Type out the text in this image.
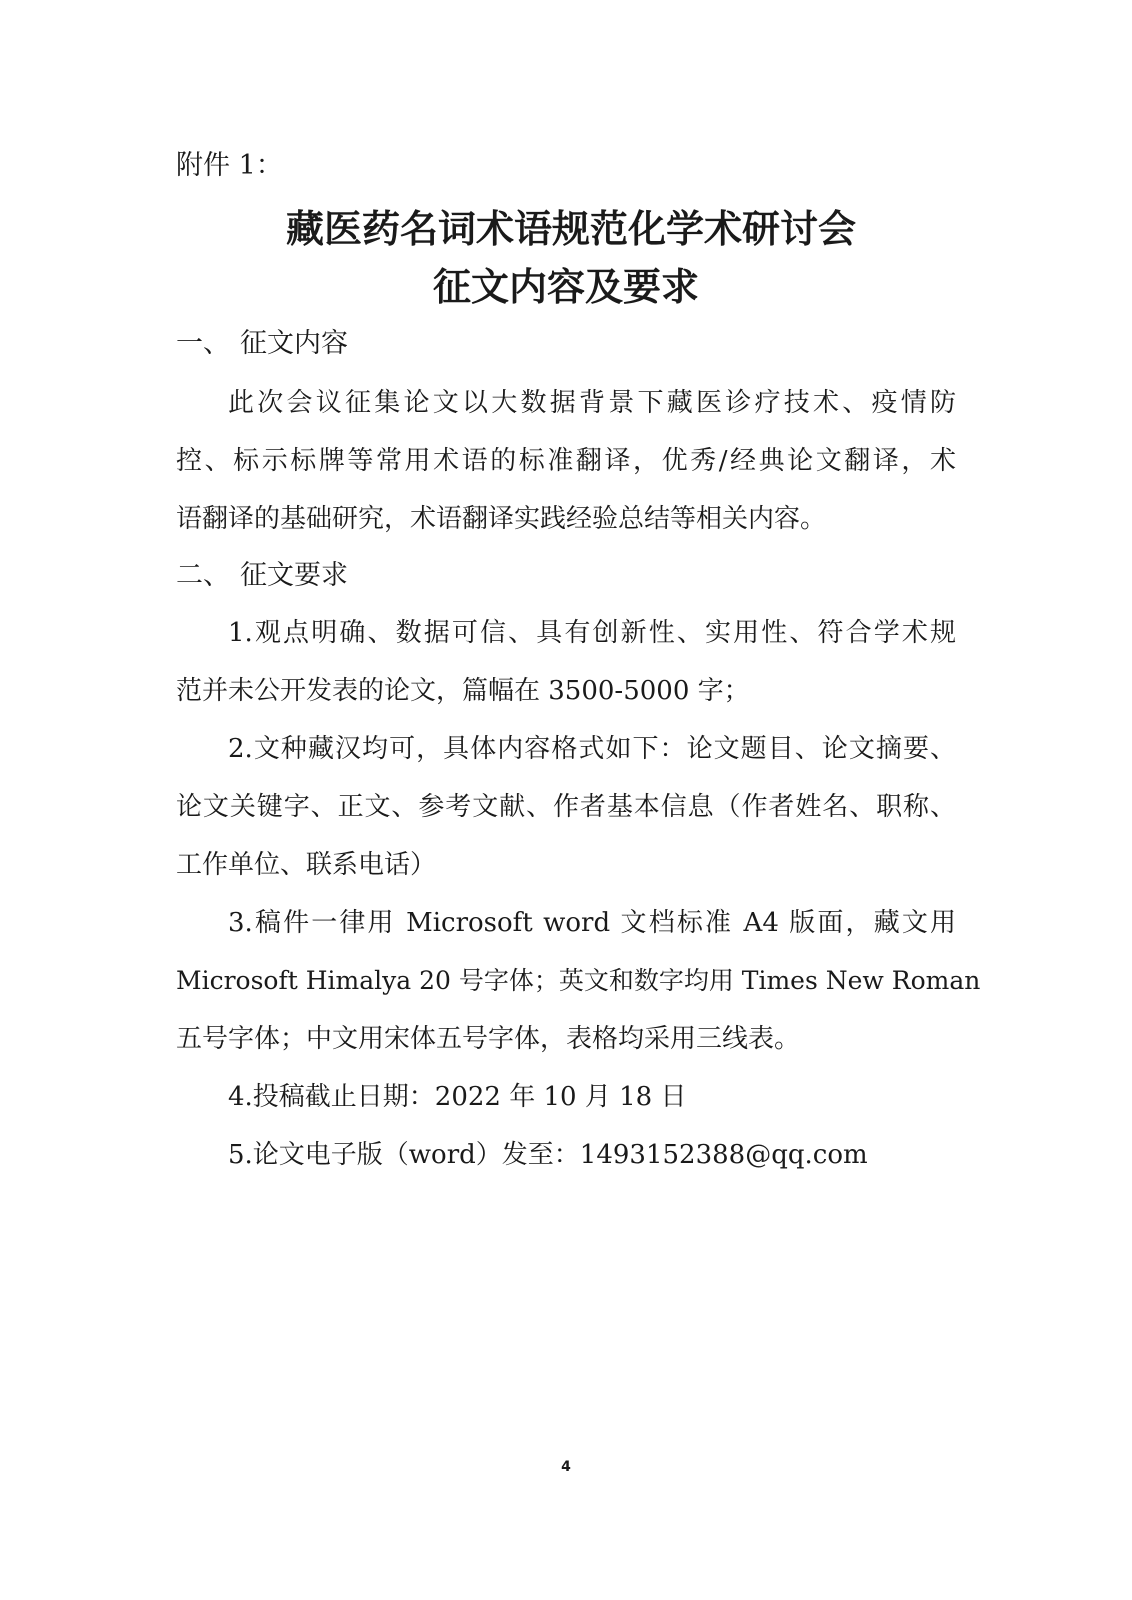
附件 1：
藏医药名词术语规范化学术研讨会
征文内容及要求
一、 征文内容
此次会议征集论文以大数据背景下藏医诊疗技术、疫情防
控、标示标牌等常用术语的标准翻译，优秀/经典论文翻译，术
语翻译的基础研究，术语翻译实践经验总结等相关内容。
二、 征文要求
1.观点明确、数据可信、具有创新性、实用性、符合学术规
范并未公开发表的论文，篇幅在 3500-5000 字；
2.文种藏汉均可，具体内容格式如下：论文题目、论文摘要、
论文关键字、正文、参考文献、作者基本信息（作者姓名、职称、
工作单位、联系电话）
3.稿件一律用 Microsoft word 文档标准 A4 版面，藏文用
Microsoft Himalya 20 号字体；英文和数字均用 Times New Roman
五号字体；中文用宋体五号字体，表格均采用三线表。
4.投稿截止日期：2022 年 10 月 18 日
5.论文电子版（word）发至：1493152388@qq.com
4
